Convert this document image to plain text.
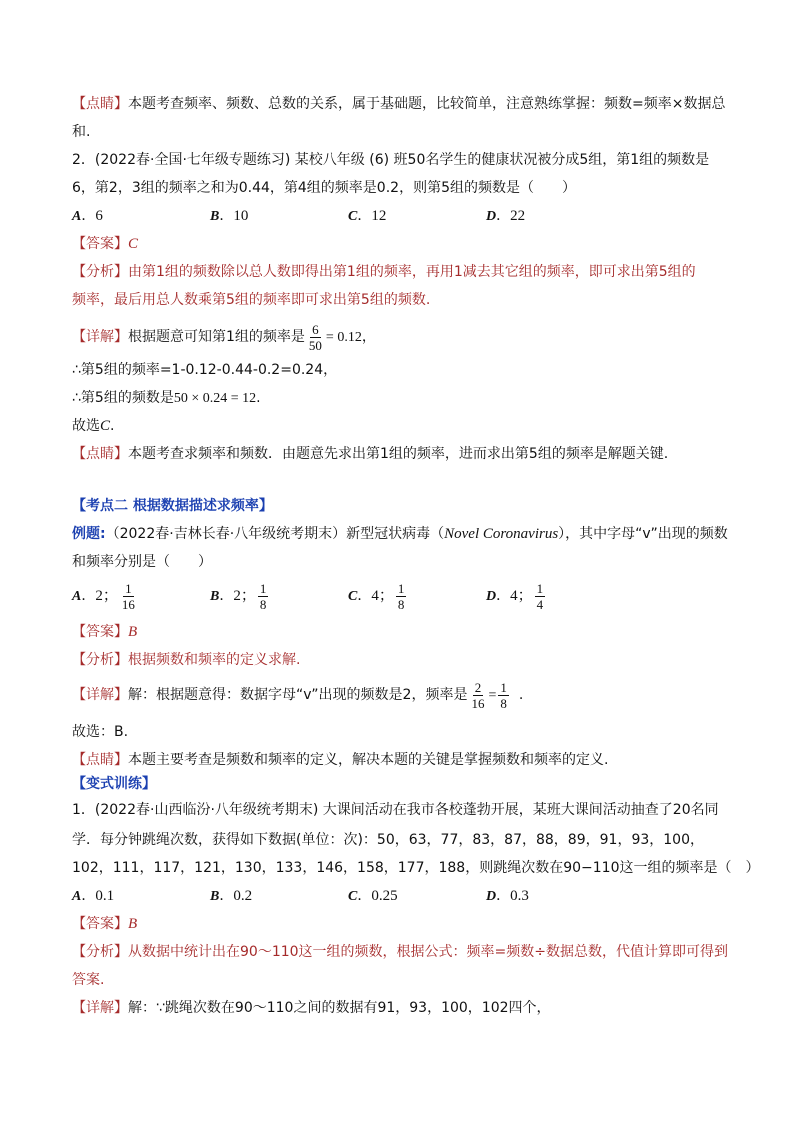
【点睛】本题考查频率、频数、总数的关系，属于基础题，比较简单，注意熟练掌握：频数=频率×数据总
和.
2．(2022春·全国·七年级专题练习) 某校八年级 (6) 班50名学生的健康状况被分成5组，第1组的频数是
6，第2，3组的频率之和为0.44，第4组的频率是0.2，则第5组的频数是（　　）
A．6	B．10	C．12	D．22
【答案】C
【分析】由第1组的频数除以总人数即得出第1组的频率，再用1减去其它组的频率，即可求出第5组的
频率，最后用总人数乘第5组的频率即可求出第5组的频数.
【详解】根据题意可知第1组的频率是 $\frac{6}{50} = 0.12$，
∴第5组的频率=1-0.12-0.44-0.2=0.24，
∴第5组的频数是50 × 0.24 = 12.
故选C.
【点睛】本题考查求频率和频数．由题意先求出第1组的频率，进而求出第5组的频率是解题关键.
【考点二 根据数据描述求频率】
例题:（2022春·吉林长春·八年级统考期末）新型冠状病毒（Novel Coronavirus），其中字母“v”出现的频数
和频率分别是（　　）
A．2； $\frac{1}{16}$	B．2； $\frac{1}{8}$	C．4； $\frac{1}{8}$	D．4； $\frac{1}{4}$
【答案】B
【分析】根据频数和频率的定义求解.
【详解】解：根据题意得：数据字母“v”出现的频数是2，频率是 $\frac{2}{16} = \frac{1}{8}$ .
故选：B.
【点睛】本题主要考查是频数和频率的定义，解决本题的关键是掌握频数和频率的定义.
【变式训练】
1．(2022春·山西临汾·八年级统考期末) 大课间活动在我市各校蓬勃开展，某班大课间活动抽查了20名同
学．每分钟跳绳次数，获得如下数据(单位：次)：50，63，77，83，87，88，89，91，93，100，
102，111，117，121，130，133，146，158，177，188，则跳绳次数在90−110这一组的频率是（　）
A．0.1	B．0.2	C．0.25	D．0.3
【答案】B
【分析】从数据中统计出在90～110这一组的频数，根据公式：频率=频数÷数据总数，代值计算即可得到
答案.
【详解】解：∵跳绳次数在90～110之间的数据有91，93，100，102四个，
